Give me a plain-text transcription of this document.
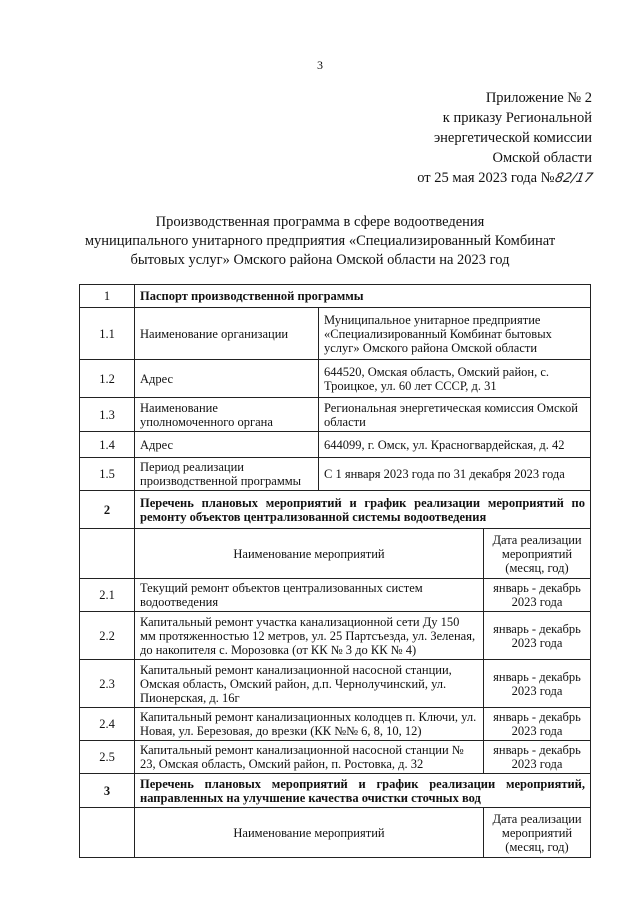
3
Приложение № 2
к приказу Региональной
энергетической комиссии
Омской области
от 25 мая 2023 года №82/17
Производственная программа в сфере водоотведения
муниципального унитарного предприятия «Специализированный Комбинат
бытовых услуг» Омского района Омской области на 2023 год
1	Паспорт производственной программы		
1.1	Наименование организации	Муниципальное унитарное предприятие «Специализированный Комбинат бытовых услуг» Омского района Омской области	
1.2	Адрес	644520, Омская область, Омский район, с. Троицкое, ул. 60 лет СССР, д. 31	
1.3	Наименование уполномоченного органа	Региональная энергетическая комиссия Омской области	
1.4	Адрес	644099, г. Омск, ул. Красногвардейская, д. 42	
1.5	Период реализации производственной программы	С 1 января 2023 года по 31 декабря 2023 года	
2	Перечень плановых мероприятий и график реализации мероприятий по ремонту объектов централизованной системы водоотведения		
	Наименование мероприятий		Дата реализации мероприятий (месяц, год)
2.1	Текущий ремонт объектов централизованных систем водоотведения		январь - декабрь 2023 года
2.2	Капитальный ремонт участка канализационной сети Ду 150 мм протяженностью 12 метров, ул. 25 Партсъезда, ул. Зеленая, до накопителя с. Морозовка (от КК № 3 до КК № 4)		январь - декабрь 2023 года
2.3	Капитальный ремонт канализационной насосной станции, Омская область, Омский район, д.п. Чернолучинский, ул. Пионерская, д. 16г		январь - декабрь 2023 года
2.4	Капитальный ремонт канализационных колодцев п. Ключи, ул. Новая, ул. Березовая, до врезки (КК №№ 6, 8, 10, 12)		январь - декабрь 2023 года
2.5	Капитальный ремонт канализационной насосной станции № 23, Омская область, Омский район, п. Ростовка, д. 32		январь - декабрь 2023 года
3	Перечень плановых мероприятий и график реализации мероприятий, направленных на улучшение качества очистки сточных вод		
	Наименование мероприятий		Дата реализации мероприятий (месяц, год)
